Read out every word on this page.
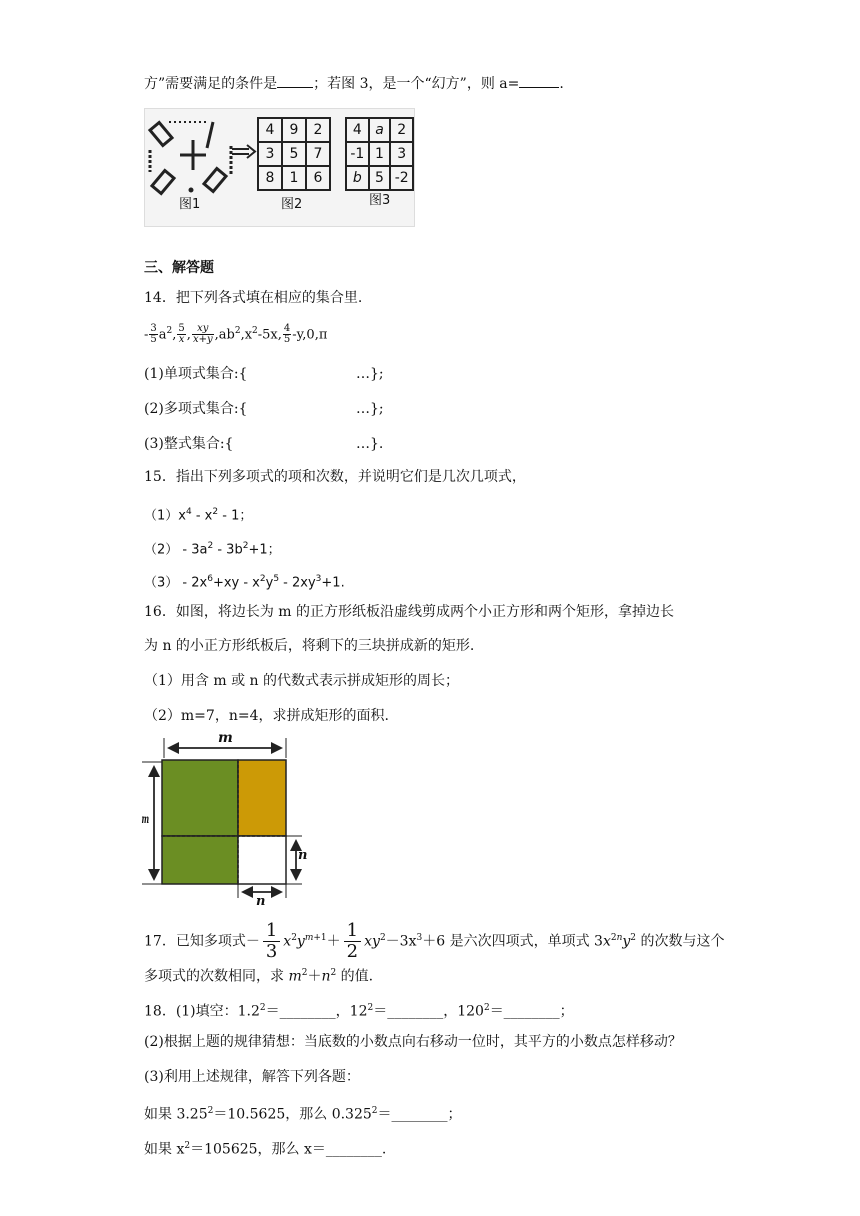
方”需要满足的条件是	；若图 3，是一个“幻方”，则 a=	.
图1
4	9	2
3	5	7
8	1	6
图2
4	a	2
-1	1	3
b	5	-2
图3
三、解答题
14．把下列各式填在相应的集合里.
- $\frac{3}{5} a^2$, $\frac{5}{x}$ , $\frac{xy}{x+y} ,ab^2,x^2-5x$, $\frac{4}{5} -y,0,\pi$
(1)单项式集合:{	…};
(2)多项式集合:{	…};
(3)整式集合:{	…}.
15．指出下列多项式的项和次数，并说明它们是几次几项式，
$(1)x^4 - x^2 - 1$；
$(2) - 3a^2 - 3b^2+1$；
$(3) - 2x^6+xy - x^2y^5 - 2xy^3+1$.
16．如图，将边长为 m 的正方形纸板沿虚线剪成两个小正方形和两个矩形，拿掉边长
为 n 的小正方形纸板后，将剩下的三块拼成新的矩形.
（1）用含 m 或 n 的代数式表示拼成矩形的周长；
（2）m=7，n=4，求拼成矩形的面积.
m
m
n
n
17．已知多项式－ $\frac{1}{3} x^2y^{m+1}+ \frac{1}{2} xy^2-3x^3+6$ 是六次四项式，单项式 $3x^{2n}y^2$ 的次数与这个
多项式的次数相同，求 $m^2+n^2$ 的值.
18．(1)填空：$1.2^2=\_\_\_\_\_\_\_\_$，$12^2=\_\_\_\_\_\_\_\_$，$120^2=\_\_\_\_\_\_\_\_$；
(2)根据上题的规律猜想：当底数的小数点向右移动一位时，其平方的小数点怎样移动？
(3)利用上述规律，解答下列各题：
如果 $3.25^2=10.5625$，那么 $0.325^2=\_\_\_\_\_\_\_\_$；
如果 $x^2=105625$，那么 x＝________.
